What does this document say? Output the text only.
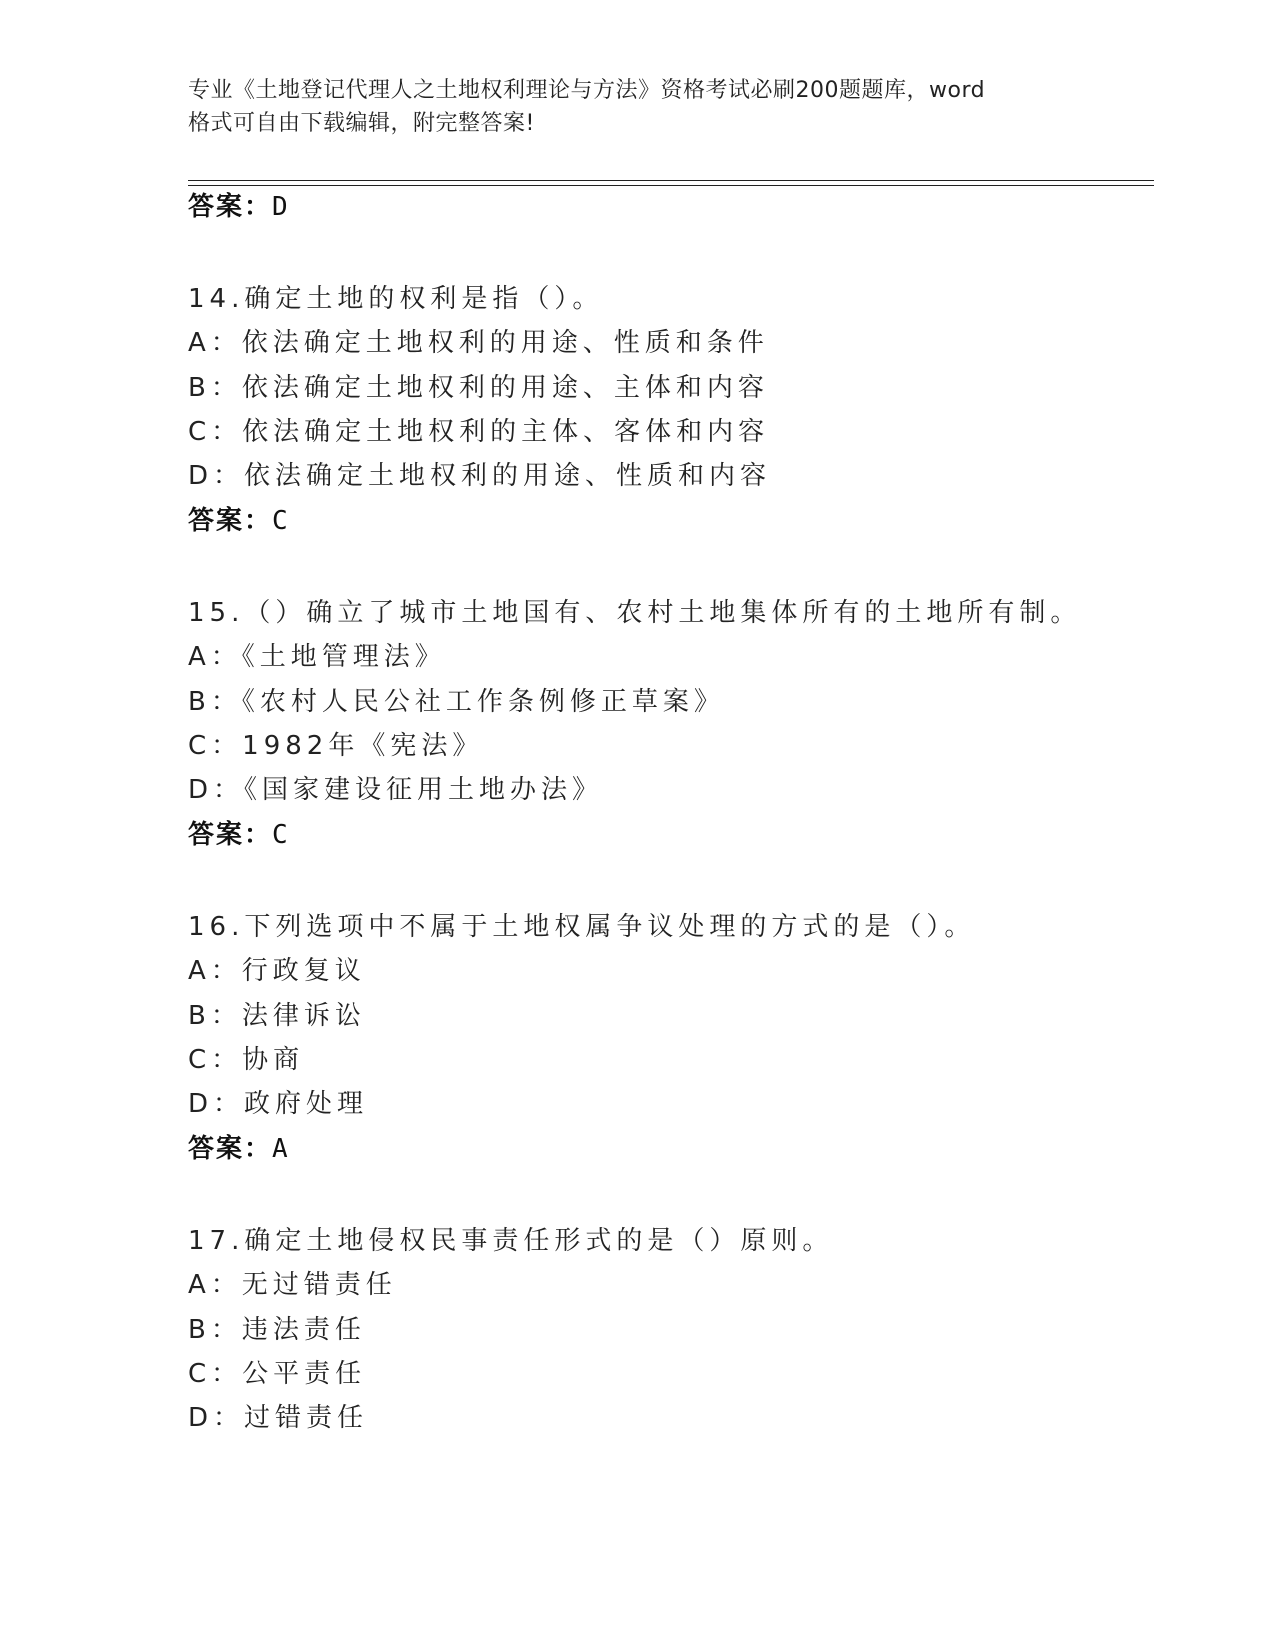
专业《土地登记代理人之土地权利理论与方法》资格考试必刷200题题库，word
格式可自由下载编辑，附完整答案!
答案：D
14.确定土地的权利是指（）。
A：依法确定土地权利的用途、性质和条件
B：依法确定土地权利的用途、主体和内容
C：依法确定土地权利的主体、客体和内容
D：依法确定土地权利的用途、性质和内容
答案：C
15.（）确立了城市土地国有、农村土地集体所有的土地所有制。
A：《土地管理法》
B：《农村人民公社工作条例修正草案》
C：1982年《宪法》
D：《国家建设征用土地办法》
答案：C
16.下列选项中不属于土地权属争议处理的方式的是（）。
A：行政复议
B：法律诉讼
C：协商
D：政府处理
答案：A
17.确定土地侵权民事责任形式的是（）原则。
A：无过错责任
B：违法责任
C：公平责任
D：过错责任
